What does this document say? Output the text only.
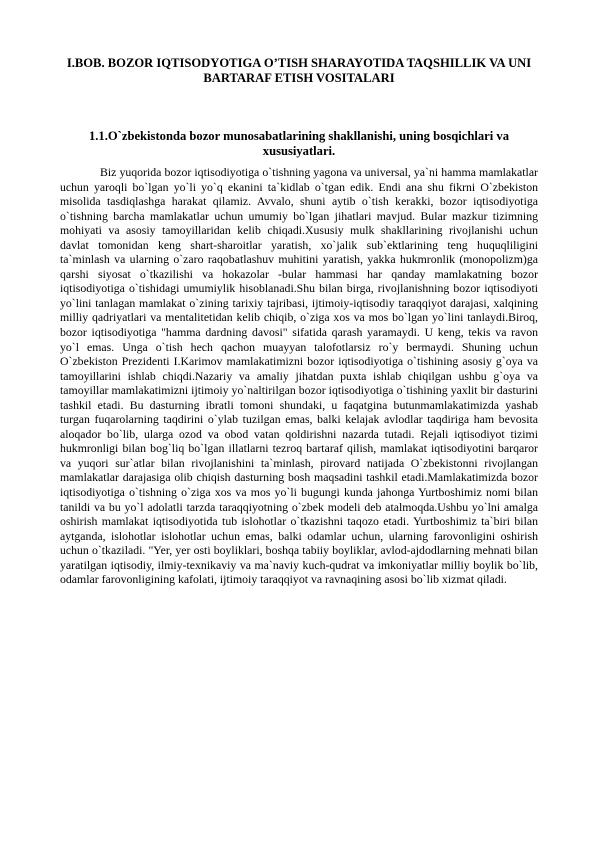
I.BOB. BOZOR IQTISODYOTIGA O’TISH SHARAYOTIDA TAQSHILLIK VA UNI BARTARAF ETISH VOSITALARI
1.1.O`zbekistonda bozor munosabatlarining shakllanishi, uning bosqichlari va xususiyatlari.

Biz yuqorida bozor iqtisodiyotiga o`tishning yagona va universal, ya`ni hamma mamlakatlar uchun yaroqli bo`lgan yo`li yo`q ekanini ta`kidlab o`tgan edik. Endi ana shu fikrni O`zbekiston misolida tasdiqlashga harakat qilamiz. Avvalo, shuni aytib o`tish kerakki, bozor iqtisodiyotiga o`tishning barcha mamlakatlar uchun umumiy bo`lgan jihatlari mavjud. Bular mazkur tizimning mohiyati va asosiy tamoyillaridan kelib chiqadi.Xususiy mulk shakllarining rivojlanishi uchun davlat tomonidan keng shart-sharoitlar yaratish, xo`jalik sub`ektlarining teng huquqliligini ta`minlash va ularning o`zaro raqobatlashuv muhitini yaratish, yakka hukmronlik (monopolizm)ga qarshi siyosat o`tkazilishi va hokazolar -bular hammasi har qanday mamlakatning bozor iqtisodiyotiga o`tishidagi umumiylik hisoblanadi.Shu bilan birga, rivojlanishning bozor iqtisodiyoti yo`lini tanlagan mamlakat o`zining tarixiy tajribasi, ijtimoiy-iqtisodiy taraqqiyot darajasi, xalqining milliy qadriyatlari va mentalitetidan kelib chiqib, o`ziga xos va mos bo`lgan yo`lini tanlaydi.Biroq, bozor iqtisodiyotiga "hamma dardning davosi" sifatida qarash yaramaydi. U keng, tekis va ravon yo`l emas. Unga o`tish hech qachon muayyan talofotlarsiz ro`y bermaydi. Shuning uchun O`zbekiston Prezidenti I.Karimov mamlakatimizni bozor iqtisodiyotiga o`tishining asosiy g`oya va tamoyillarini ishlab chiqdi.Nazariy va amaliy jihatdan puxta ishlab chiqilgan ushbu g`oya va tamoyillar mamlakatimizni ijtimoiy yo`naltirilgan bozor iqtisodiyotiga o`tishining yaxlit bir dasturini tashkil etadi. Bu dasturning ibratli tomoni shundaki, u faqatgina butunmamlakatimizda yashab turgan fuqarolarning taqdirini o`ylab tuzilgan emas, balki kelajak avlodlar taqdiriga ham bevosita aloqador bo`lib, ularga ozod va obod vatan qoldirishni nazarda tutadi. Rejali iqtisodiyot tizimi hukmronligi bilan bog`liq bo`lgan illatlarni tezroq bartaraf qilish, mamlakat iqtisodiyotini barqaror va yuqori sur`atlar bilan rivojlanishini ta`minlash, pirovard natijada O`zbekistonni rivojlangan mamlakatlar darajasiga olib chiqish dasturning bosh maqsadini tashkil etadi.Mamlakatimizda bozor iqtisodiyotiga o`tishning o`ziga xos va mos yo`li bugungi kunda jahonga Yurtboshimiz nomi bilan tanildi va bu yo`l adolatli tarzda taraqqiyotning o`zbek modeli deb atalmoqda.Ushbu yo`lni amalga oshirish mamlakat iqtisodiyotida tub islohotlar o`tkazishni taqozo etadi. Yurtboshimiz ta`biri bilan aytganda, islohotlar islohotlar uchun emas, balki odamlar uchun, ularning farovonligini oshirish uchun o`tkaziladi. "Yer, yer osti boyliklari, boshqa tabiiy boyliklar, avlod-ajdodlarning mehnati bilan yaratilgan iqtisodiy, ilmiy-texnikaviy va ma`naviy kuch-qudrat va imkoniyatlar milliy boylik bo`lib, odamlar farovonligining kafolati, ijtimoiy taraqqiyot va ravnaqining asosi bo`lib xizmat qiladi.
